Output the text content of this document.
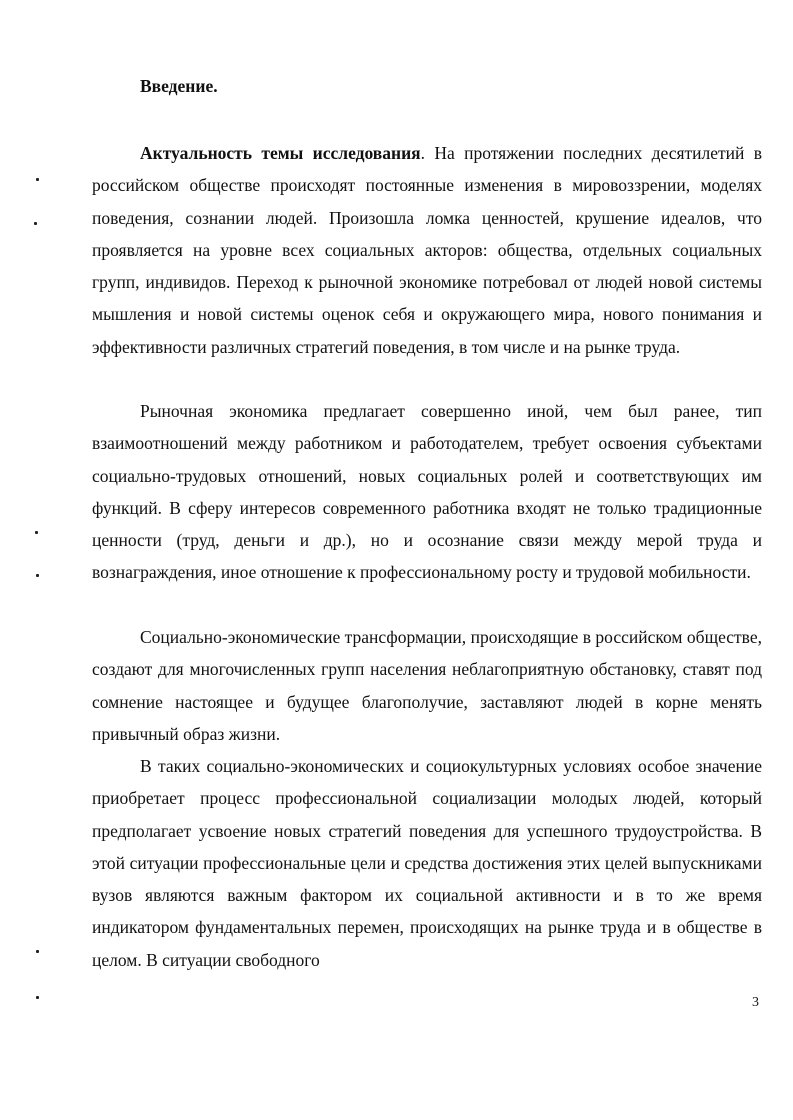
Введение.

Актуальность темы исследования. На протяжении последних десятилетий в российском обществе происходят постоянные изменения в мировоззрении, моделях поведения, сознании людей. Произошла ломка ценностей, крушение идеалов, что проявляется на уровне всех социальных акторов: общества, отдельных социальных групп, индивидов. Переход к рыночной экономике потребовал от людей новой системы мышления и новой системы оценок себя и окружающего мира, нового понимания и эффективности различных стратегий поведения, в том числе и на рынке труда.

Рыночная экономика предлагает совершенно иной, чем был ранее, тип взаимоотношений между работником и работодателем, требует освоения субъектами социально-трудовых отношений, новых социальных ролей и соответствующих им функций. В сферу интересов современного работника входят не только традиционные ценности (труд, деньги и др.), но и осознание связи между мерой труда и вознаграждения, иное отношение к профессиональному росту и трудовой мобильности.

Социально-экономические трансформации, происходящие в российском обществе, создают для многочисленных групп населения неблагоприятную обстановку, ставят под сомнение настоящее и будущее благополучие, заставляют людей в корне менять привычный образ жизни.

В таких социально-экономических и социокультурных условиях особое значение приобретает процесс профессиональной социализации молодых людей, который предполагает усвоение новых стратегий поведения для успешного трудоустройства. В этой ситуации профессиональные цели и средства достижения этих целей выпускниками вузов являются важным фактором их социальной активности и в то же время индикатором фундаментальных перемен, происходящих на рынке труда и в обществе в целом. В ситуации свободного

3
